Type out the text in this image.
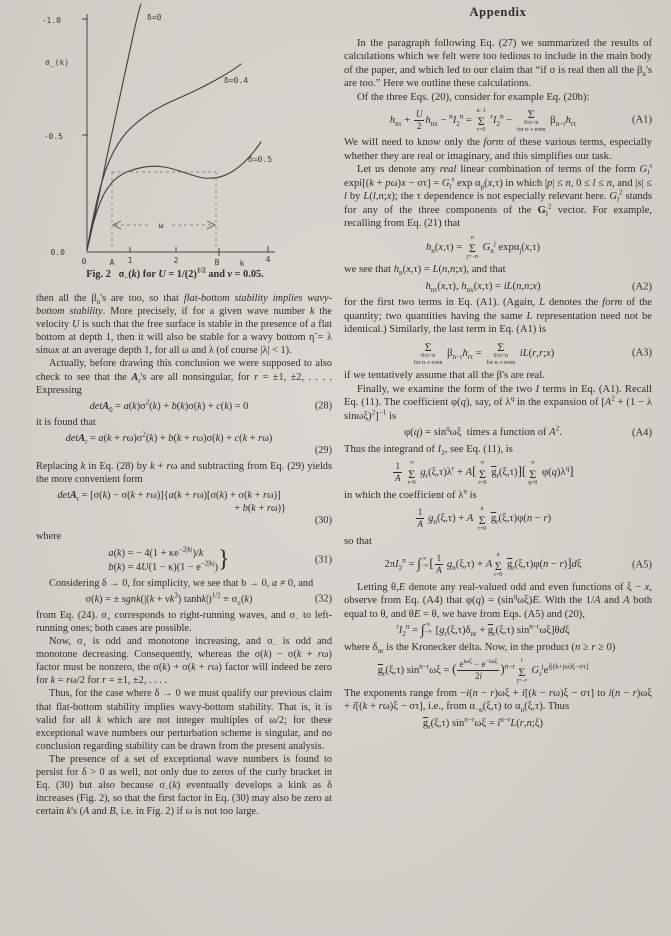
-1.0
σ_(k)
-0.5
0.0
0	1	2	4
A	B	k
ω
δ=0
δ=0.4
δ=0.5
Fig. 2   $\sigma_-(k)$ for $U = 1/(2)^{1/2}$ and ν = 0.05.

then all the $\beta_n's$ are too, so that flat-bottom stability implies wavy-bottom stability. More precisely, if for a given wave number k the velocity U is such that the free surface is stable in the presence of a flat bottom at depth 1, then it will also be stable for a wavy bottom η̃ = λ sinωx at an average depth 1, for all ω and λ (of course |λ| < 1).

Actually, before drawing this conclusion we were supposed to also check to see that the $A_r's$ are all nonsingular, for r = ±1, ±2, . . . . Expressing

$\det A_0 = a(k)\sigma^2(k) + b(k)\sigma(k) + c(k) = 0$	(28)

it is found that

$\det A_r = a(k + r\omega)\sigma^2(k) + b(k + r\omega)\sigma(k) + c(k + r\omega)$
(29)

Replacing k in Eq. (28) by k + rω and subtracting from Eq. (29) yields the more convenient form

detA$_r$ = [σ(k) − σ(k + rω)]{a(k + rω)[σ(k) + σ(k + rω)]
+ b(k + rω)}
(30)

where

a(k) = − $4(1 + \kappa e^{-2|k|})/k$
$b(k) = 4U(1 - \kappa)(1 - e^{-2|k|})$ }	(31)

Considering δ → 0, for simplicity, we see that b → 0, a ≠ 0, and

σ(k) = ± sgnk(|(k + $\nu k^3$) $\tanh k|)^{1/2} \equiv \sigma_\pm(k)$	(32)

from Eq. (24). $\sigma_+$ corresponds to right-running waves, and $\sigma_-$ to left-running ones; both cases are possible.

Now, $\sigma_+$ is odd and monotone increasing, and $\sigma_-$ is odd and monotone decreasing. Consequently, whereas the σ(k) − σ(k + rω) factor must be nonzero, the σ(k) + σ(k + rω) factor will indeed be zero for k = rω/2 for r = ±1, ±2, . . . .

Thus, for the case where δ → 0 we must qualify our previous claim that flat-bottom stability implies wavy-bottom stability. That is, it is valid for all k which are not integer multiples of ω/2; for these exceptional wave numbers our perturbation scheme is singular, and no conclusion regarding stability can be drawn from the present analysis.

The presence of a set of exceptional wave numbers is found to persist for δ > 0 as well, not only due to zeros of the curly bracket in Eq. (30) but also because $\sigma_-(k)$ eventually develops a kink as δ increases (Fig. 2), so that the first factor in Eq. (30) may also be zero at certain k's (A and B, i.e. in Fig. 2) if ω is not too large.

Appendix

In the paragraph following Eq. (27) we summarized the results of calculations which we felt were too tedious to include in the main body of the paper, and which led to our claim that “if σ is real then all the $\beta_n's$ are too.” Here we outline these calculations.

Of the three Eqs. (20), consider for example Eq. (20b):

$h_{n\tau} + \frac{U}{2} h_{nx} - ^nI_2^n$ =
n−1
Σ
r=0
$^rI_2^n - \Sigma$
0≤r<n
for n−r even
$\beta_{n-r}h_{r\tau}$	(A1)

We will need to know only the form of these various terms, especially whether they are real or imaginary, and this simplifies our task.

Let us denote any real linear combination of terms of the form $G_l^s$ $\exp i[(k + p\omega)x - \sigma\tau] = G_l^s$ $\exp \alpha_p(x,\tau)$ in which |p| ≤ n, 0 ≤ l ≤ n, and |s| ≤ l by L(l,n;x); the τ dependence is not especially relevant here. $G_l^2$ stands for any of the three components of the $G_l^2$ vector. For example, recalling from Eq. (21) that

$h_n(x,\tau)$ =
n
Σ
j=−n
$G_n^j$ expα$_j$(x,τ)

we see that $h_n(x,\tau)$ = L(n,n;x), and that

$h_{n\tau}(x,\tau)$, $h_{nx}(x,\tau)$ = iL(n,n;x)	(A2)

for the first two terms in Eq. (A1). (Again, L denotes the form of the quantity; two quantities having the same L representation need not be identical.) Similarly, the last term in Eq. (A1) is

Σ
0≤r<n
for n−r even
$\beta_{n-r}h_{r\tau} = \Sigma$
0≤r<n
for n−r even
iL(r,r;x)	(A3)

if we tentatively assume that all the β's are real.

Finally, we examine the form of the two I terms in Eq. (A1). Recall Eq. (11). The coefficient φ(q), say, of $\lambda^q$ in the expansion of [$A^2 + (1 - \lambda$ sinωξ)$^2$]$^{-1}$ is

$\varphi(q) = \sin^q\omega\xi$  times a function of $A^2$.	(A4)

Thus the integrand of $I_2$, see Eq. (11), is

$\frac{1}{A}$
∞
Σ
r=0
$g_r(\xi,\tau)\lambda^r + A$[ ∞
Σ
r=0
$\overline{g}_r(\xi,\tau)$][ ∞
Σ
q=0
$\varphi(q)\lambda^q$]

in which the coefficient of $\lambda^n$ is

$\frac{1}{A} g_n(\xi,\tau) + A$
n
Σ
r=0
$\overline{g}_r(\xi,\tau)\varphi(n - r)$

so that

$2\pi I_2^n$ = ∫ ∞
−∞ [ $\frac{1}{A} g_n(\xi,\tau) + A$
n
Σ
r=0
$\overline{g}_r(\xi,\tau)\varphi(n - r)]d\xi$	(A5)

Letting θ,E denote any real-valued odd and even functions of ξ − x, observe from Eq. (A4) that $\varphi(q) = (\sin^q\omega\xi)E$. With the 1/A and A both equal to θ, and θE = θ, we have from Eqs. (A5) and (20),

$^rI_2^n$ = ∫ ∞
−∞ [$g_r(\xi,\tau)\delta_{nr} + \overline{g}_r(\xi,\tau)$ $\sin^{n-r}\omega\xi]\theta d\xi$

where $\delta_{nr}$ is the Kronecker delta. Now, in the product (n ≥ r ≥ 0)

$\overline{g}_r(\xi,\tau) \sin^{n-r}\omega\xi$ = ( $\frac{e^{i\omega\xi} - e^{-i\omega\xi}}{2i} )^{n-r}$
r
Σ
j=−r
$G_r^je^{i[(k+j\omega)\xi-\sigma\tau]}$

The exponents range from −i(n − r)ωξ + i[(k − rω)ξ − στ] to i(n − r)ωξ + i[(k + rω)ξ − στ], i.e., from $\alpha_{-n}(\xi,\tau)$ to $\alpha_n(\xi,\tau)$. Thus

$\overline{g}_r(\xi,\tau) \sin^{n-r}\omega\xi$ = $i^{n-r}L(r,n;\xi)$
